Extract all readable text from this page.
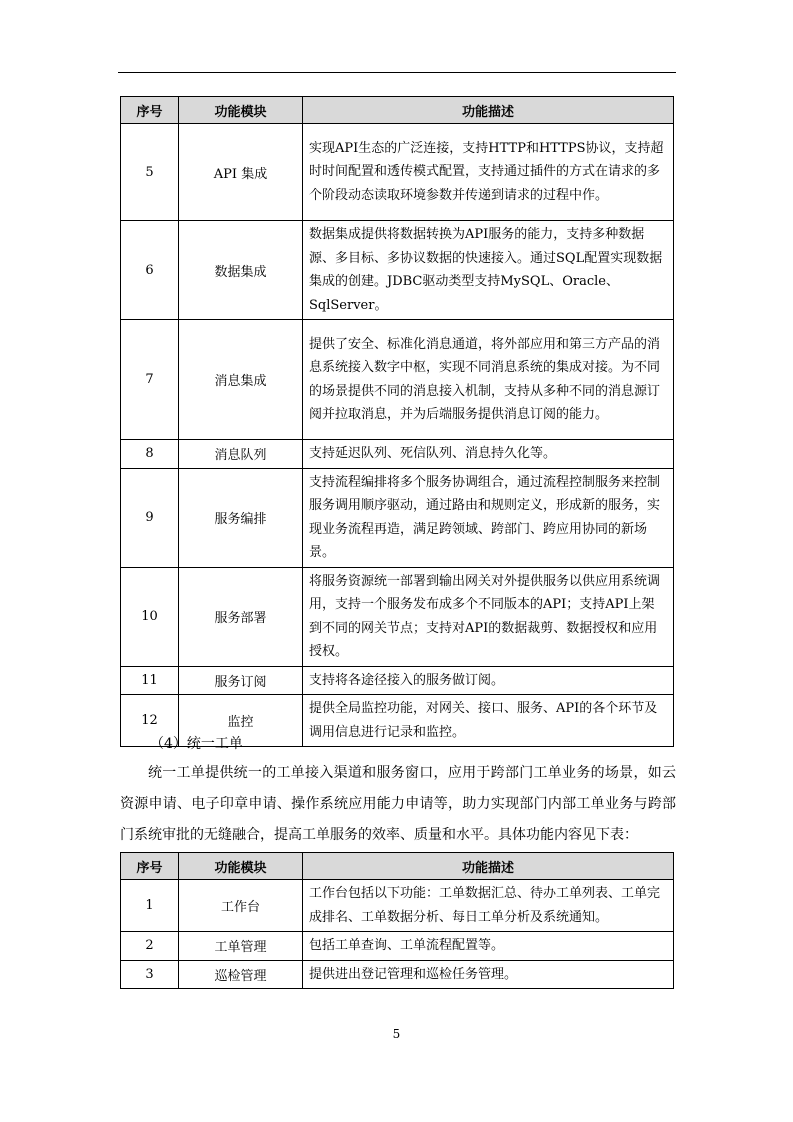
序号	功能模块	功能描述
5	API 集成	实现API生态的广泛连接，支持HTTP和HTTPS协议，支持超时时间配置和透传模式配置，支持通过插件的方式在请求的多个阶段动态读取环境参数并传递到请求的过程中作。
6	数据集成	数据集成提供将数据转换为API服务的能力，支持多种数据源、多目标、多协议数据的快速接入。通过SQL配置实现数据集成的创建。JDBC驱动类型支持MySQL、Oracle、SqlServer。
7	消息集成	提供了安全、标准化消息通道，将外部应用和第三方产品的消息系统接入数字中枢，实现不同消息系统的集成对接。为不同的场景提供不同的消息接入机制，支持从多种不同的消息源订阅并拉取消息，并为后端服务提供消息订阅的能力。
8	消息队列	支持延迟队列、死信队列、消息持久化等。
9	服务编排	支持流程编排将多个服务协调组合，通过流程控制服务来控制服务调用顺序驱动，通过路由和规则定义，形成新的服务，实现业务流程再造，满足跨领域、跨部门、跨应用协同的新场景。
10	服务部署	将服务资源统一部署到输出网关对外提供服务以供应用系统调用，支持一个服务发布成多个不同版本的API；支持API上架到不同的网关节点；支持对API的数据裁剪、数据授权和应用授权。
11	服务订阅	支持将各途径接入的服务做订阅。
12	监控	提供全局监控功能，对网关、接口、服务、API的各个环节及调用信息进行记录和监控。
（4）统一工单
统一工单提供统一的工单接入渠道和服务窗口，应用于跨部门工单业务的场景，如云资源申请、电子印章申请、操作系统应用能力申请等，助力实现部门内部工单业务与跨部门系统审批的无缝融合，提高工单服务的效率、质量和水平。具体功能内容见下表：
序号	功能模块	功能描述
1	工作台	工作台包括以下功能：工单数据汇总、待办工单列表、工单完成排名、工单数据分析、每日工单分析及系统通知。
2	工单管理	包括工单查询、工单流程配置等。
3	巡检管理	提供进出登记管理和巡检任务管理。
5
